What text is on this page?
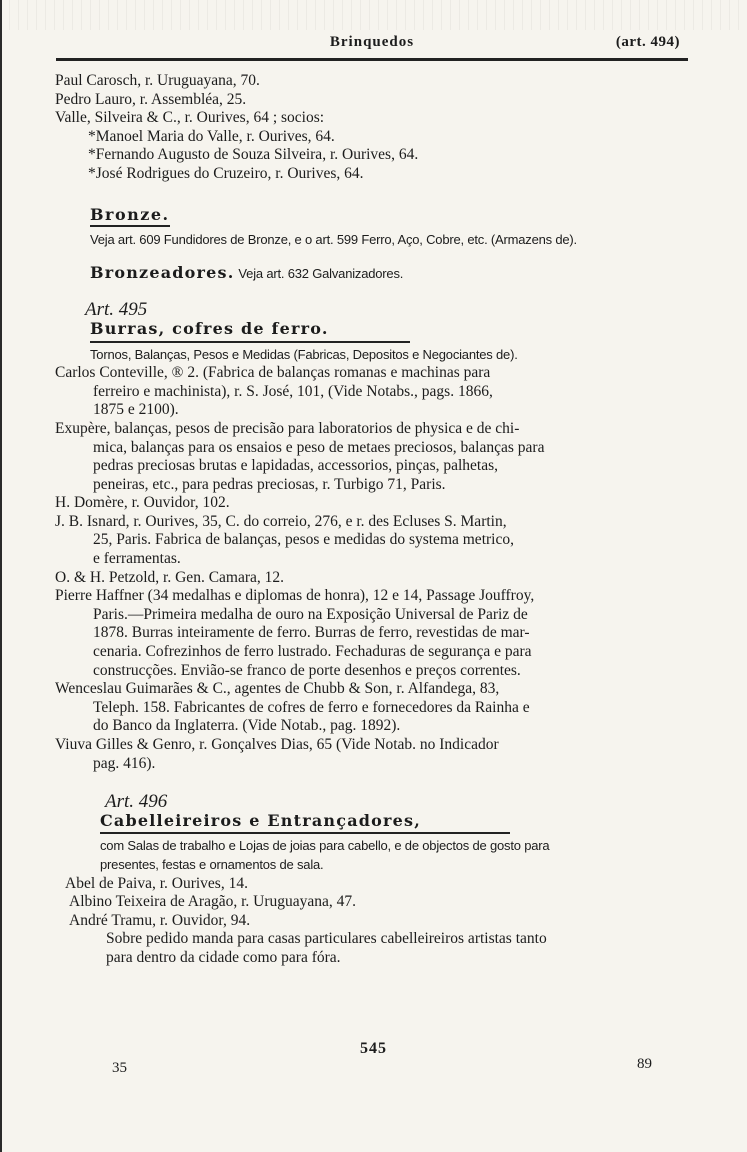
Brinquedos	(art. 494)
Paul Carosch, r. Uruguayana, 70.
Pedro Lauro, r. Assembléa, 25.
Valle, Silveira & C., r. Ourives, 64 ; socios:
*Manoel Maria do Valle, r. Ourives, 64.
*Fernando Augusto de Souza Silveira, r. Ourives, 64.
*José Rodrigues do Cruzeiro, r. Ourives, 64.
Bronze.
Veja art. 609 Fundidores de Bronze, e o art. 599 Ferro, Aço, Cobre, etc. (Armazens de).
Bronzeadores. Veja art. 632 Galvanizadores.
Art. 495
Burras, cofres de ferro.
Tornos, Balanças, Pesos e Medidas (Fabricas, Depositos e Negociantes de).
Carlos Conteville, ® 2. (Fabrica de balanças romanas e machinas para
ferreiro e machinista), r. S. José, 101, (Vide Notabs., pags. 1866,
1875 e 2100).
Exupère, balanças, pesos de precisão para laboratorios de physica e de chi-
mica, balanças para os ensaios e peso de metaes preciosos, balanças para
pedras preciosas brutas e lapidadas, accessorios, pinças, palhetas,
peneiras, etc., para pedras preciosas, r. Turbigo 71, Paris.
H. Domère, r. Ouvidor, 102.
J. B. Isnard, r. Ourives, 35, C. do correio, 276, e r. des Ecluses S. Martin,
25, Paris. Fabrica de balanças, pesos e medidas do systema metrico,
e ferramentas.
O. & H. Petzold, r. Gen. Camara, 12.
Pierre Haffner (34 medalhas e diplomas de honra), 12 e 14, Passage Jouffroy,
Paris.—Primeira medalha de ouro na Exposição Universal de Pariz de
1878. Burras inteiramente de ferro. Burras de ferro, revestidas de mar-
cenaria. Cofrezinhos de ferro lustrado. Fechaduras de segurança e para
construcções. Envião-se franco de porte desenhos e preços correntes.
Wenceslau Guimarães & C., agentes de Chubb & Son, r. Alfandega, 83,
Teleph. 158. Fabricantes de cofres de ferro e fornecedores da Rainha e
do Banco da Inglaterra. (Vide Notab., pag. 1892).
Viuva Gilles & Genro, r. Gonçalves Dias, 65 (Vide Notab. no Indicador
pag. 416).
Art. 496
Cabelleireiros e Entrançadores,
com Salas de trabalho e Lojas de joias para cabello, e de objectos de gosto para
presentes, festas e ornamentos de sala.
Abel de Paiva, r. Ourives, 14.
Albino Teixeira de Aragão, r. Uruguayana, 47.
André Tramu, r. Ouvidor, 94.
Sobre pedido manda para casas particulares cabelleireiros artistas tanto
para dentro da cidade como para fóra.
545
35	89
